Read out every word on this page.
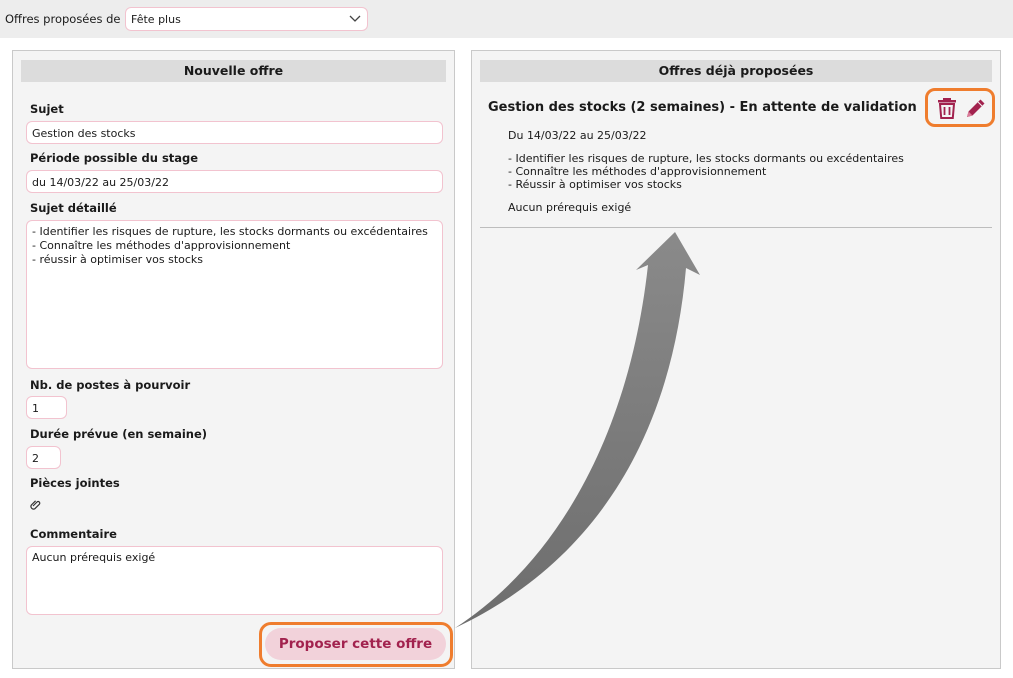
Offres proposées de Fête plus
Nouvelle offre
Sujet
Gestion des stocks
Période possible du stage
du 14/03/22 au 25/03/22
Sujet détaillé
- Identifier les risques de rupture, les stocks dormants ou excédentaires
- Connaître les méthodes d'approvisionnement
- réussir à optimiser vos stocks
Nb. de postes à pourvoir
1
Durée prévue (en semaine)
2
Pièces jointes
Commentaire
Aucun prérequis exigé
Offres déjà proposées
Gestion des stocks (2 semaines) - En attente de validation
Du 14/03/22 au 25/03/22
- Identifier les risques de rupture, les stocks dormants ou excédentaires
- Connaître les méthodes d'approvisionnement
- Réussir à optimiser vos stocks
Aucun prérequis exigé
Proposer cette offre
